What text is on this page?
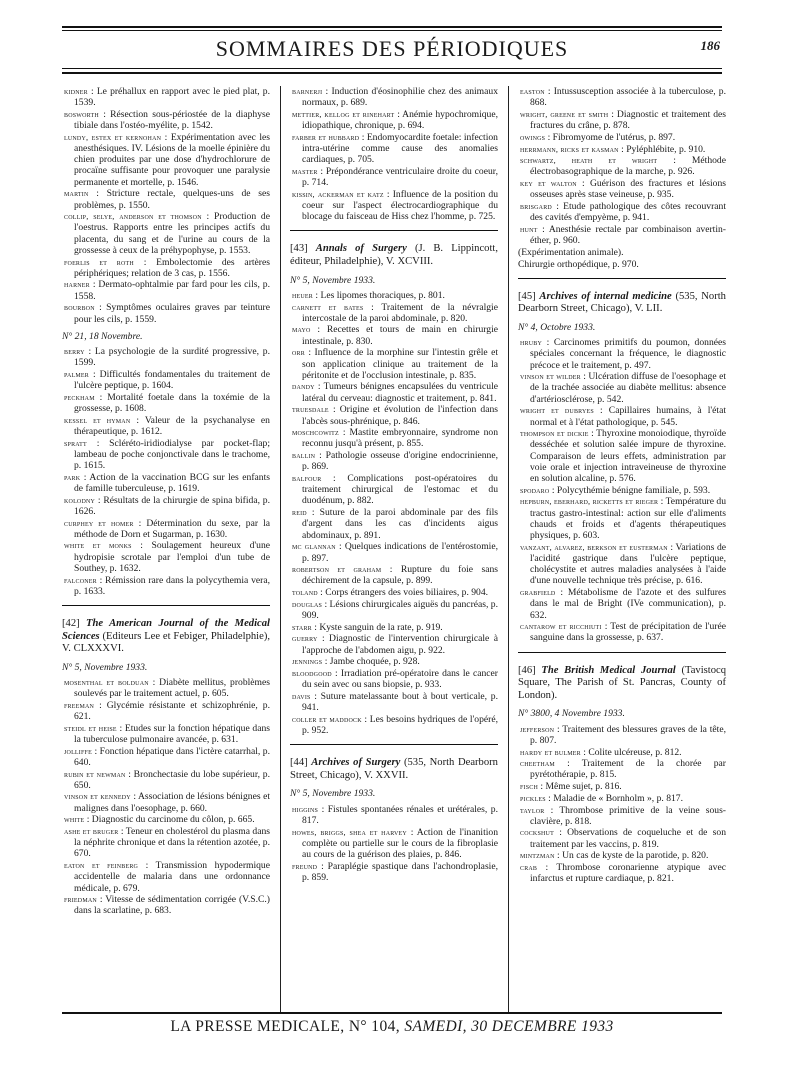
SOMMAIRES DES PÉRIODIQUES	186
kidner : Le préhallux en rapport avec le pied plat, p. 1539.
bosworth : Résection sous-périostée de la diaphyse tibiale dans l'ostéo-myélite, p. 1542.
lundy, estex et kernohan : Expérimentation avec les anesthésiques. IV. Lésions de la moelle épinière du chien produites par une dose d'hydrochlorure de procaïne suffisante pour provoquer une paralysie permanente et mortelle, p. 1546.
martin : Stricture rectale, quelques-uns de ses problèmes, p. 1550.
collip, selye, anderson et thomson : Production de l'oestrus. Rapports entre les principes actifs du placenta, du sang et de l'urine au cours de la grossesse à ceux de la préhypophyse, p. 1553.
foerlis et roth : Embolectomie des artères périphériques; relation de 3 cas, p. 1556.
harner : Dermato-ophtalmie par fard pour les cils, p. 1558.
bourbon : Symptômes oculaires graves par teinture pour les cils, p. 1559.
N° 21, 18 Novembre.
berry : La psychologie de la surdité progressive, p. 1599.
palmer : Difficultés fondamentales du traitement de l'ulcère peptique, p. 1604.
peckham : Mortalité foetale dans la toxémie de la grossesse, p. 1608.
kessel et hyman : Valeur de la psychanalyse en thérapeutique, p. 1612.
spratt : Scléréto-iridiodialyse par pocket-flap; lambeau de poche conjonctivale dans le trachome, p. 1615.
park : Action de la vaccination BCG sur les enfants de famille tuberculeuse, p. 1619.
kolodny : Résultats de la chirurgie de spina bifida, p. 1626.
curphey et homer : Détermination du sexe, par la méthode de Dorn et Sugarman, p. 1630.
white et monks : Soulagement heureux d'une hydropisie scrotale par l'emploi d'un tube de Southey, p. 1632.
falconer : Rémission rare dans la polycythemia vera, p. 1633.
[42] The American Journal of the Medical Sciences (Editeurs Lee et Febiger, Philadelphie), V. CLXXXVI.
N° 5, Novembre 1933.
mosenthal et bolduan : Diabète mellitus, problèmes soulevés par le traitement actuel, p. 605.
freeman : Glycémie résistante et schizophrénie, p. 621.
steidl et heise : Etudes sur la fonction hépatique dans la tuberculose pulmonaire avancée, p. 631.
jolliffe : Fonction hépatique dans l'ictère catarrhal, p. 640.
rubin et newman : Bronchectasie du lobe supérieur, p. 650.
vinson et kennedy : Association de lésions bénignes et malignes dans l'oesophage, p. 660.
white : Diagnostic du carcinome du côlon, p. 665.
ashe et bruger : Teneur en cholestérol du plasma dans la néphrite chronique et dans la rétention azotée, p. 670.
eaton et feinberg : Transmission hypodermique accidentelle de malaria dans une ordonnance médicale, p. 679.
friedman : Vitesse de sédimentation corrigée (V.S.C.) dans la scarlatine, p. 683.
barnerji : Induction d'éosinophilie chez des animaux normaux, p. 689.
mettier, kellog et rinehart : Anémie hypochromique, idiopathique, chronique, p. 694.
farber et hubbard : Endomyocardite foetale: infection intra-utérine comme cause des anomalies cardiaques, p. 705.
master : Prépondérance ventriculaire droite du coeur, p. 714.
kissin, ackerman et katz : Influence de la position du coeur sur l'aspect électrocardiographique du blocage du faisceau de Hiss chez l'homme, p. 725.
[43] Annals of Surgery (J. B. Lippincott, éditeur, Philadelphie), V. XCVIII.
N° 5, Novembre 1933.
heuer : Les lipomes thoraciques, p. 801.
carnett et bates : Traitement de la névralgie intercostale de la paroi abdominale, p. 820.
mayo : Recettes et tours de main en chirurgie intestinale, p. 830.
orr : Influence de la morphine sur l'intestin grêle et son application clinique au traitement de la péritonite et de l'occlusion intestinale, p. 835.
dandy : Tumeurs bénignes encapsulées du ventricule latéral du cerveau: diagnostic et traitement, p. 841.
truesdale : Origine et évolution de l'infection dans l'abcès sous-phrénique, p. 846.
moschcowitz : Mastite embryonnaire, syndrome non reconnu jusqu'à présent, p. 855.
ballin : Pathologie osseuse d'origine endocrinienne, p. 869.
balfour : Complications post-opératoires du traitement chirurgical de l'estomac et du duodénum, p. 882.
reid : Suture de la paroi abdominale par des fils d'argent dans les cas d'incidents aigus abdominaux, p. 891.
mc glannan : Quelques indications de l'entérostomie, p. 897.
robertson et graham : Rupture du foie sans déchirement de la capsule, p. 899.
toland : Corps étrangers des voies biliaires, p. 904.
douglas : Lésions chirurgicales aiguës du pancréas, p. 909.
starr : Kyste sanguin de la rate, p. 919.
guerry : Diagnostic de l'intervention chirurgicale à l'approche de l'abdomen aigu, p. 922.
jennings : Jambe choquée, p. 928.
bloodgood : Irradiation pré-opératoire dans le cancer du sein avec ou sans biopsie, p. 933.
davis : Suture matelassante bout à bout verticale, p. 941.
coller et maddock : Les besoins hydriques de l'opéré, p. 952.
[44] Archives of Surgery (535, North Dearborn Street, Chicago), V. XXVII.
N° 5, Novembre 1933.
higgins : Fistules spontanées rénales et urétérales, p. 817.
howes, briggs, shea et harvey : Action de l'inanition complète ou partielle sur le cours de la fibroplasie au cours de la guérison des plaies, p. 846.
freund : Paraplégie spastique dans l'achondroplasie, p. 859.
easton : Intussusception associée à la tuberculose, p. 868.
wright, greene et smith : Diagnostic et traitement des fractures du crâne, p. 878.
owings : Fibromyome de l'utérus, p. 897.
herrmann, ricks et kasman : Pyléphlébite, p. 910.
schwartz, heath et wright : Méthode électrobasographique de la marche, p. 926.
key et walton : Guérison des fractures et lésions osseuses après stase veineuse, p. 935.
brisgard : Etude pathologique des côtes recouvrant des cavités d'empyème, p. 941.
hunt : Anesthésie rectale par combinaison avertin-éther, p. 960.
(Expérimentation animale).
Chirurgie orthopédique, p. 970.
[45] Archives of internal medicine (535, North Dearborn Street, Chicago), V. LII.
N° 4, Octobre 1933.
hruby : Carcinomes primitifs du poumon, données spéciales concernant la fréquence, le diagnostic précoce et le traitement, p. 497.
vinson et wilder : Ulcération diffuse de l'oesophage et de la trachée associée au diabète mellitus: absence d'artériosclérose, p. 542.
wright et dubryes : Capillaires humains, à l'état normal et à l'état pathologique, p. 545.
thompson et dickie : Thyroxine monoiodique, thyroïde desséchée et solution salée impure de thyroxine. Comparaison de leurs effets, administration par voie orale et injection intraveineuse de thyroxine en solution alcaline, p. 576.
spodaro : Polycythémie bénigne familiale, p. 593.
hepburn, eberhard, ricketts et rieger : Température du tractus gastro-intestinal: action sur elle d'aliments chauds et froids et d'agents thérapeutiques physiques, p. 603.
vanzant, alvarez, berkson et eusterman : Variations de l'acidité gastrique dans l'ulcère peptique, cholécystite et autres maladies analysées à l'aide d'une nouvelle technique très précise, p. 616.
grabfield : Métabolisme de l'azote et des sulfures dans le mal de Bright (IVe communication), p. 632.
cantarow et ricchiuti : Test de précipitation de l'urée sanguine dans la grossesse, p. 637.
[46] The British Medical Journal (Tavistocq Square, The Parish of St. Pancras, County of London).
N° 3800, 4 Novembre 1933.
jefferson : Traitement des blessures graves de la tête, p. 807.
hardy et bulmer : Colite ulcéreuse, p. 812.
cheetham : Traitement de la chorée par pyrétothérapie, p. 815.
fisch : Même sujet, p. 816.
pickles : Maladie de « Bornholm », p. 817.
taylor : Thrombose primitive de la veine sous-clavière, p. 818.
cockshut : Observations de coqueluche et de son traitement par les vaccins, p. 819.
mintzman : Un cas de kyste de la parotide, p. 820.
crab : Thrombose coronarienne atypique avec infarctus et rupture cardiaque, p. 821.
LA PRESSE MEDICALE, N° 104, SAMEDI, 30 DECEMBRE 1933
